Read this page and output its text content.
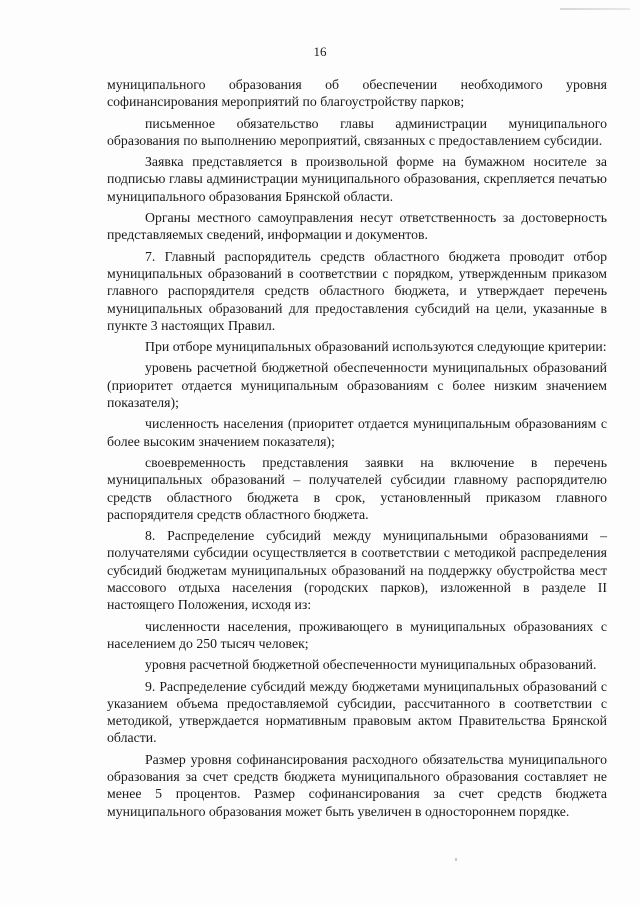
16

муниципального образования об обеспечении необходимого уровня софинансирования мероприятий по благоустройству парков;

письменное обязательство главы администрации муниципального образования по выполнению мероприятий, связанных с предоставлением субсидии.

Заявка представляется в произвольной форме на бумажном носителе за подписью главы администрации муниципального образования, скрепляется печатью муниципального образования Брянской области.

Органы местного самоуправления несут ответственность за достоверность представляемых сведений, информации и документов.

7. Главный распорядитель средств областного бюджета проводит отбор муниципальных образований в соответствии с порядком, утвержденным приказом главного распорядителя средств областного бюджета, и утверждает перечень муниципальных образований для предоставления субсидий на цели, указанные в пункте 3 настоящих Правил.

При отборе муниципальных образований используются следующие критерии:

уровень расчетной бюджетной обеспеченности муниципальных образований (приоритет отдается муниципальным образованиям с более низким значением показателя);

численность населения (приоритет отдается муниципальным образованиям с более высоким значением показателя);

своевременность представления заявки на включение в перечень муниципальных образований – получателей субсидии главному распорядителю средств областного бюджета в срок, установленный приказом главного распорядителя средств областного бюджета.

8. Распределение субсидий между муниципальными образованиями – получателями субсидии осуществляется в соответствии с методикой распределения субсидий бюджетам муниципальных образований на поддержку обустройства мест массового отдыха населения (городских парков), изложенной в разделе II настоящего Положения, исходя из:

численности населения, проживающего в муниципальных образованиях с населением до 250 тысяч человек;

уровня расчетной бюджетной обеспеченности муниципальных образований.

9. Распределение субсидий между бюджетами муниципальных образований с указанием объема предоставляемой субсидии, рассчитанного в соответствии с методикой, утверждается нормативным правовым актом Правительства Брянской области.

Размер уровня софинансирования расходного обязательства муниципального образования за счет средств бюджета муниципального образования составляет не менее 5 процентов. Размер софинансирования за счет средств бюджета муниципального образования может быть увеличен в одностороннем порядке.
